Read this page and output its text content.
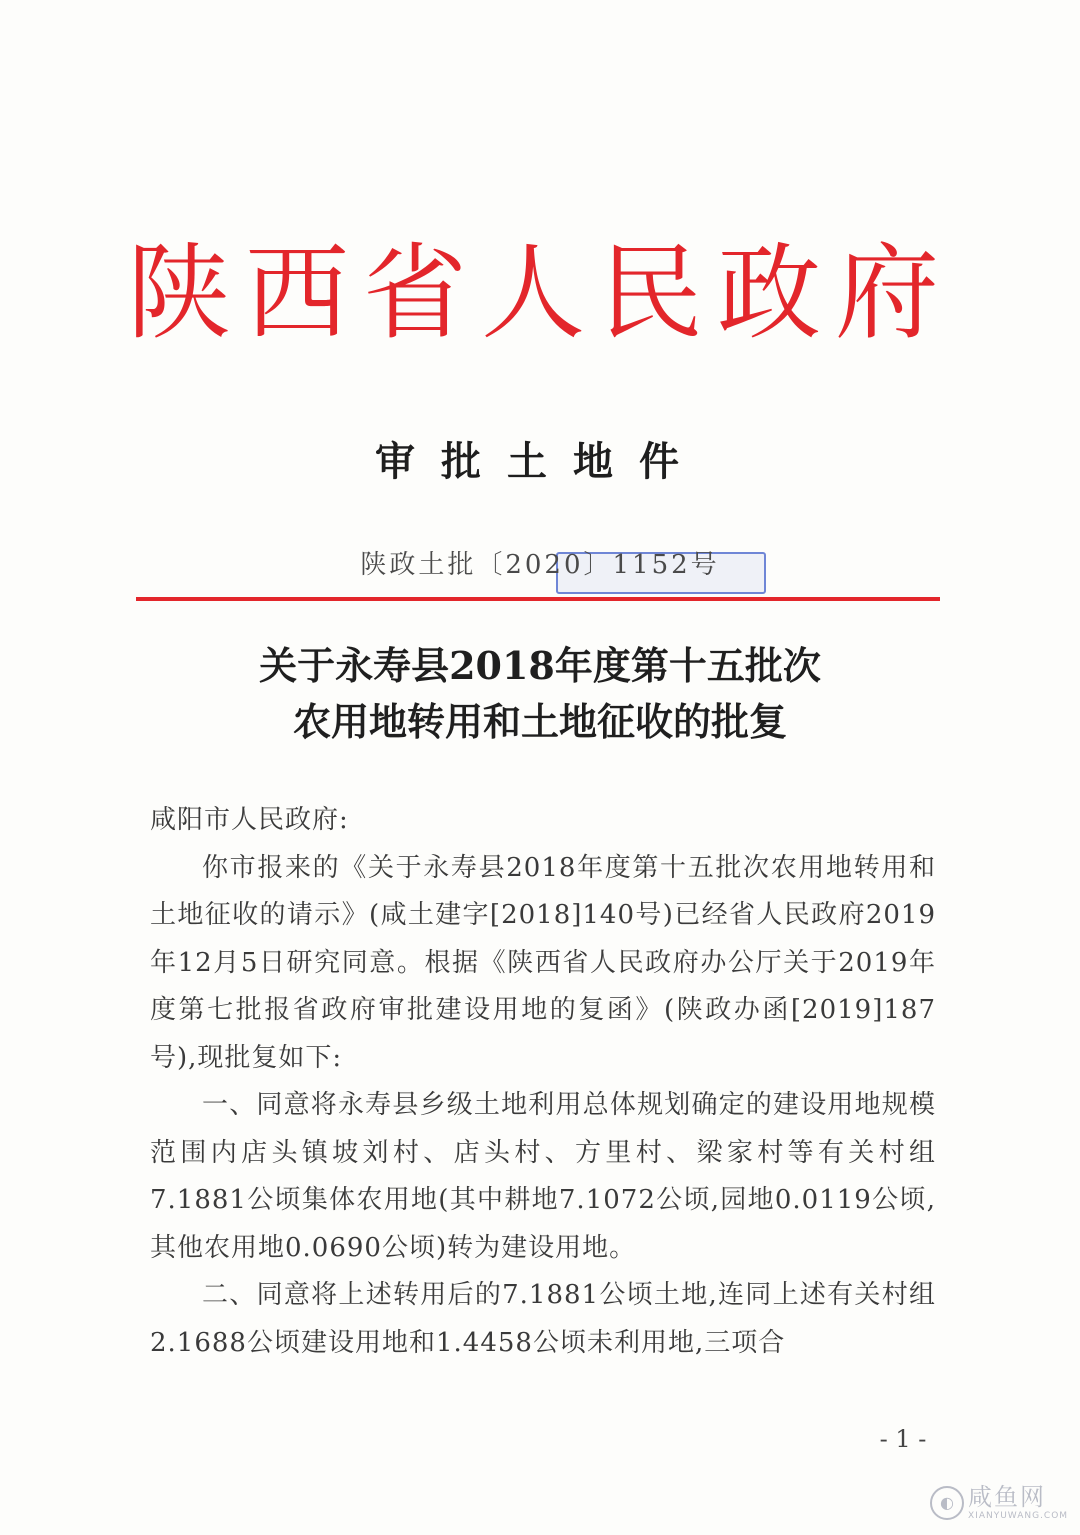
陕西省人民政府
审批土地件
陕政土批〔2020〕1152号
关于永寿县2018年度第十五批次
农用地转用和土地征收的批复

咸阳市人民政府:

你市报来的《关于永寿县2018年度第十五批次农用地转用和土地征收的请示》(咸土建字[2018]140号)已经省人民政府2019年12月5日研究同意。根据《陕西省人民政府办公厅关于2019年度第七批报省政府审批建设用地的复函》(陕政办函[2019]187号),现批复如下:

一、同意将永寿县乡级土地利用总体规划确定的建设用地规模范围内店头镇坡刘村、店头村、方里村、梁家村等有关村组7.1881公顷集体农用地(其中耕地7.1072公顷,园地0.0119公顷,其他农用地0.0690公顷)转为建设用地。

二、同意将上述转用后的7.1881公顷土地,连同上述有关村组2.1688公顷建设用地和1.4458公顷未利用地,三项合

- 1 -
◐ 咸鱼网
XIANYUWANG.COM
